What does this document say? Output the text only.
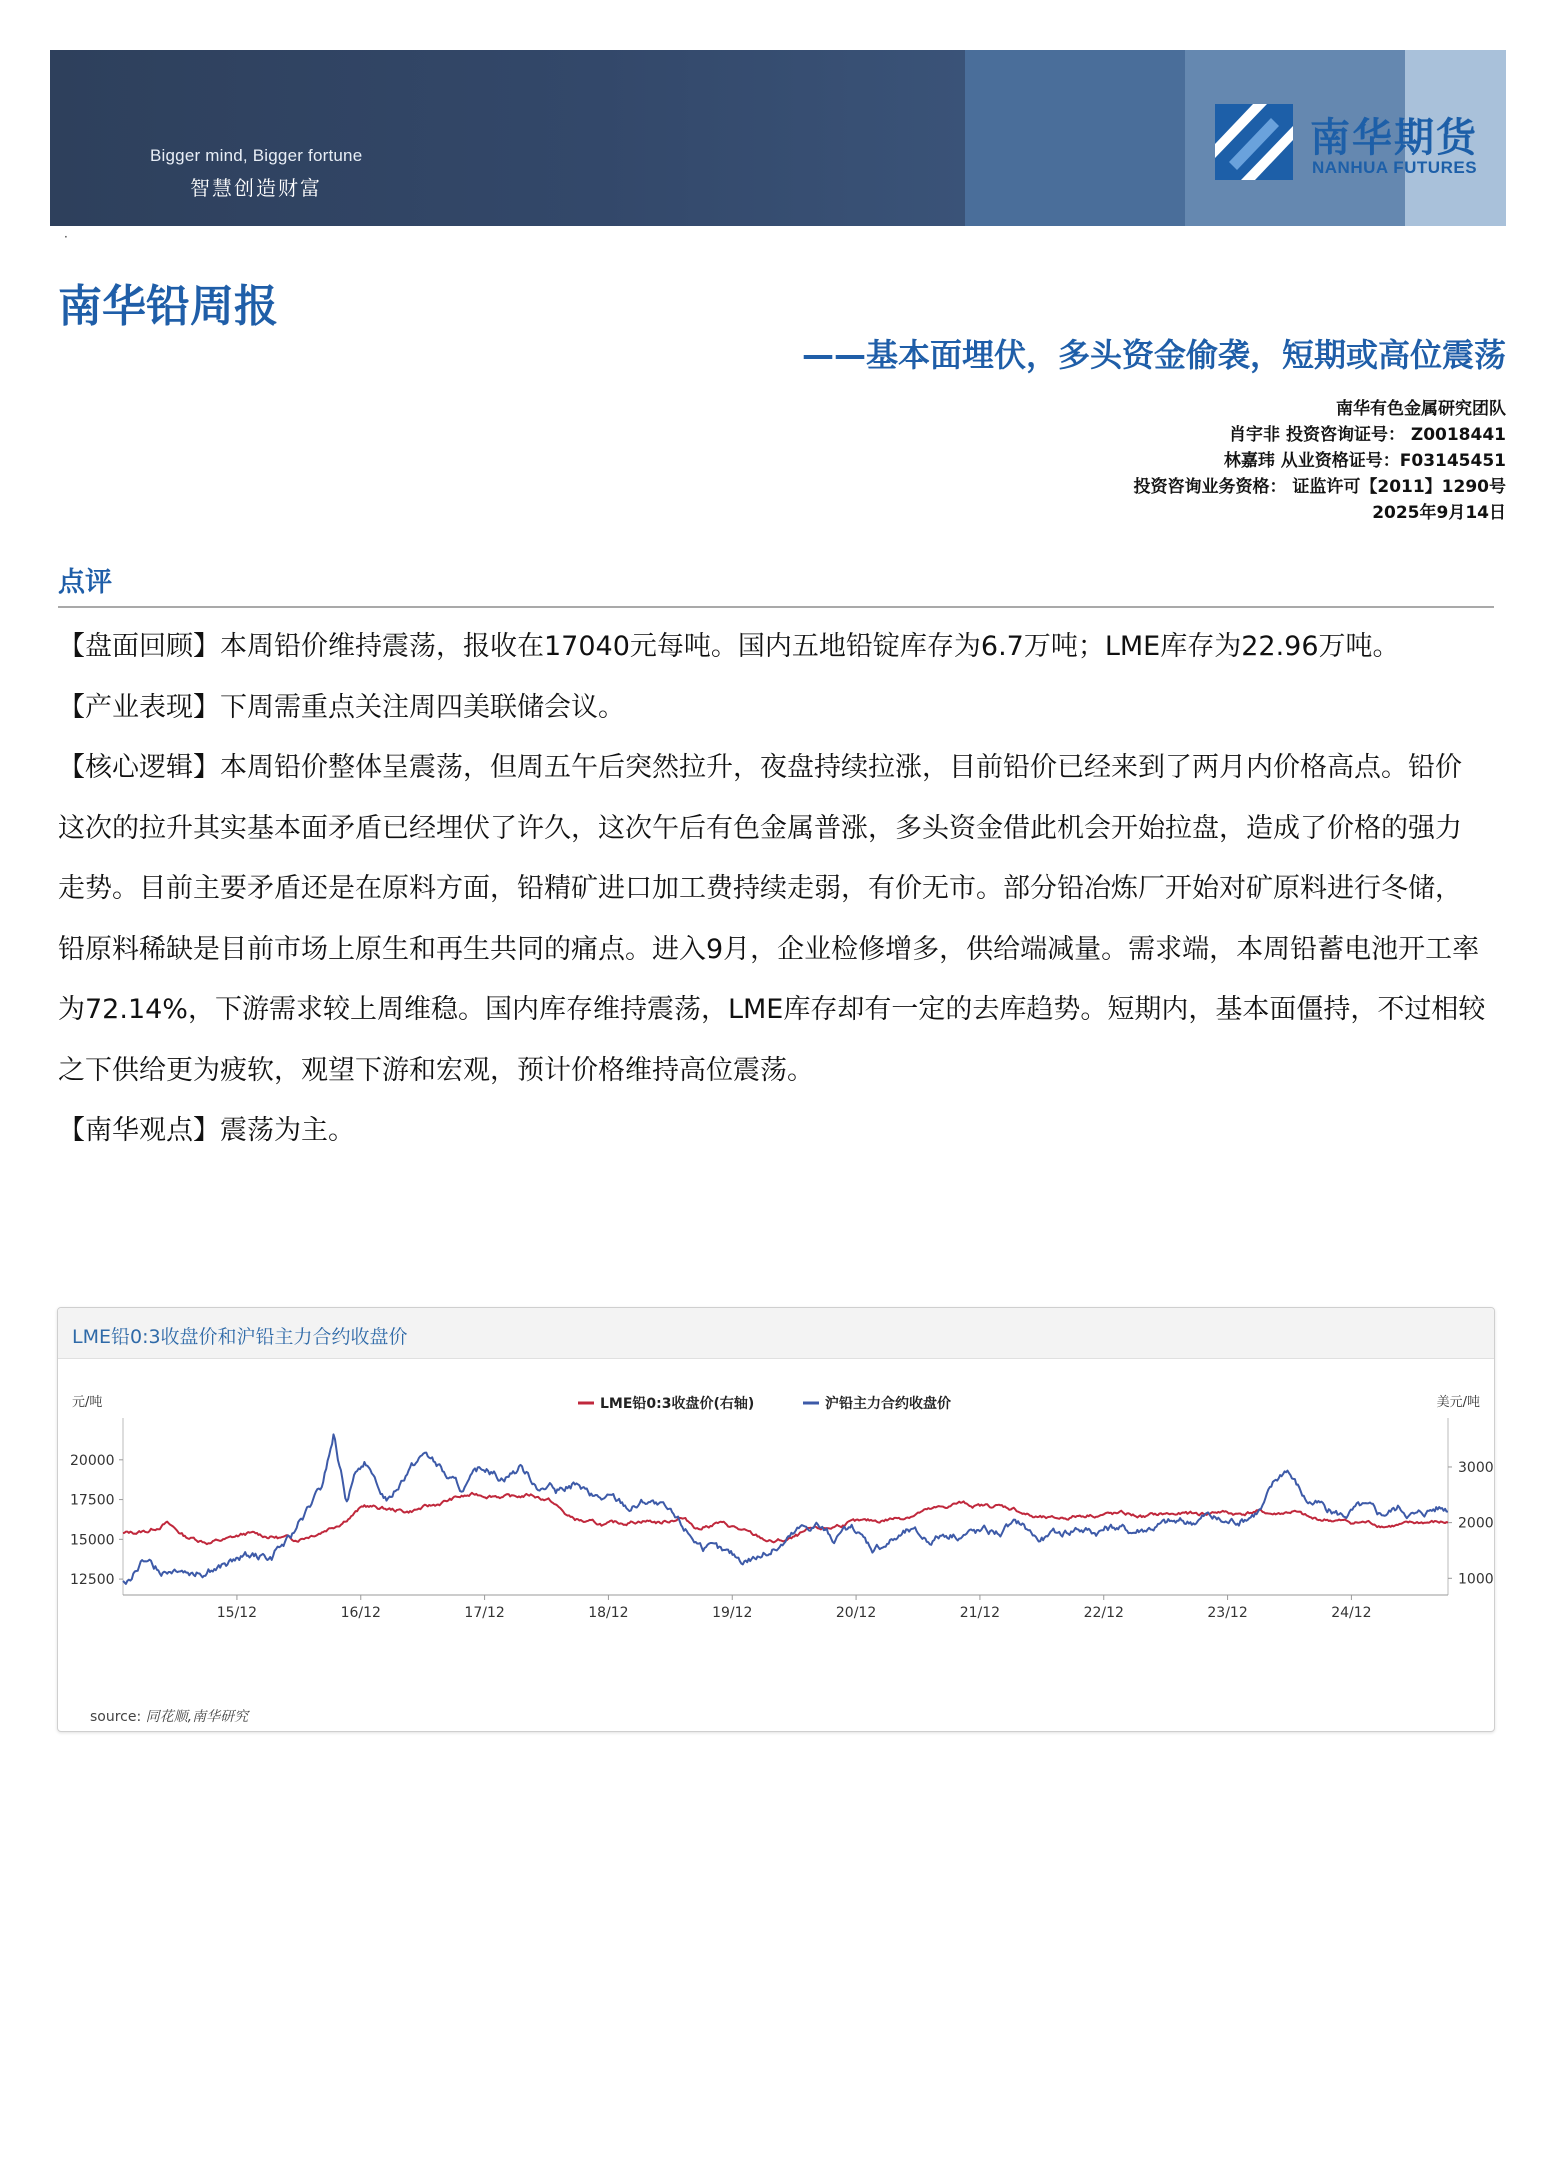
Bigger mind, Bigger fortune
智慧创造财富
南华期货
NANHUA FUTURES
·
南华铅周报
——基本面埋伏，多头资金偷袭，短期或高位震荡
南华有色金属研究团队
肖宇非 投资咨询证号： Z0018441
林嘉玮 从业资格证号：F03145451
投资咨询业务资格： 证监许可【2011】1290号
2025年9月14日
点评

【盘面回顾】本周铅价维持震荡，报收在17040元每吨。国内五地铅锭库存为6.7万吨；LME库存为22.96万吨。

【产业表现】下周需重点关注周四美联储会议。

【核心逻辑】本周铅价整体呈震荡，但周五午后突然拉升，夜盘持续拉涨，目前铅价已经来到了两月内价格高点。铅价这次的拉升其实基本面矛盾已经埋伏了许久，这次午后有色金属普涨，多头资金借此机会开始拉盘，造成了价格的强力走势。目前主要矛盾还是在原料方面，铅精矿进口加工费持续走弱，有价无市。部分铅冶炼厂开始对矿原料进行冬储，铅原料稀缺是目前市场上原生和再生共同的痛点。进入9月，企业检修增多，供给端减量。需求端，本周铅蓄电池开工率为72.14%，下游需求较上周维稳。国内库存维持震荡，LME库存却有一定的去库趋势。短期内，基本面僵持，不过相较之下供给更为疲软，观望下游和宏观，预计价格维持高位震荡。

【南华观点】震荡为主。

LME铅0:3收盘价和沪铅主力合约收盘价
元/吨	美元/吨
12500
15000
17500
20000
1000
2000
3000
15/12	16/12	17/12	18/12	19/12	20/12	21/12	22/12	23/12	24/12
LME铅0:3收盘价(右轴)	沪铅主力合约收盘价
source: 同花顺,南华研究
